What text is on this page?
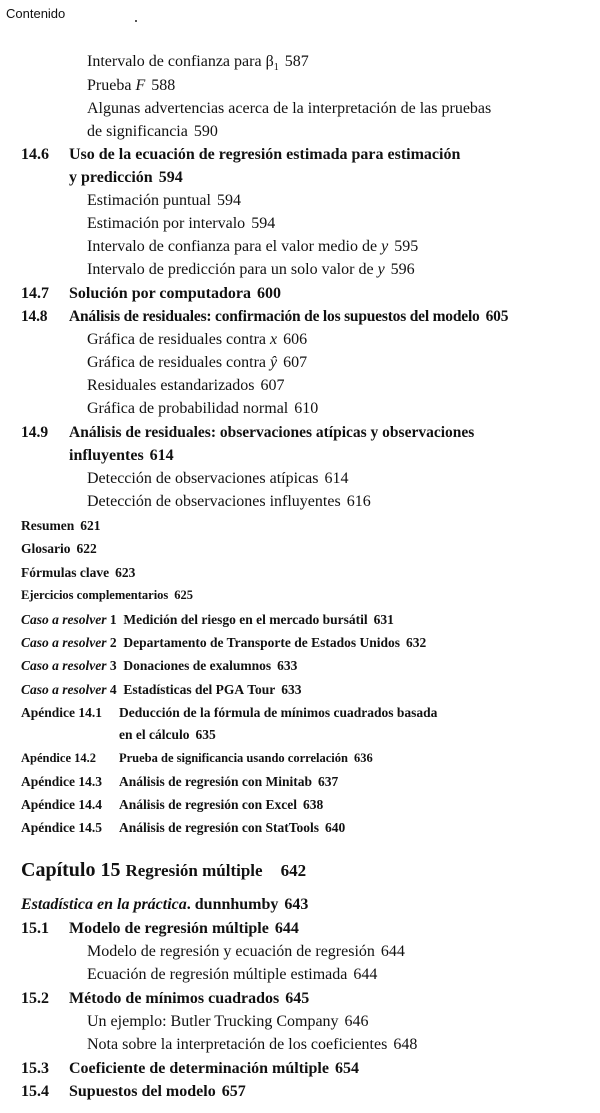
Contenido
Intervalo de confianza para $\beta_1$ 587
Prueba F 588
Algunas advertencias acerca de la interpretación de las pruebas
de significancia 590
14.6 Uso de la ecuación de regresión estimada para estimación
y predicción 594
Estimación puntual 594
Estimación por intervalo 594
Intervalo de confianza para el valor medio de y 595
Intervalo de predicción para un solo valor de y 596
14.7 Solución por computadora 600
14.8 Análisis de residuales: confirmación de los supuestos del modelo 605
Gráfica de residuales contra x 606
Gráfica de residuales contra ŷ 607
Residuales estandarizados 607
Gráfica de probabilidad normal 610
14.9 Análisis de residuales: observaciones atípicas y observaciones
influyentes 614
Detección de observaciones atípicas 614
Detección de observaciones influyentes 616
Resumen 621
Glosario 622
Fórmulas clave 623
Ejercicios complementarios 625
Caso a resolver 1 Medición del riesgo en el mercado bursátil 631
Caso a resolver 2 Departamento de Transporte de Estados Unidos 632
Caso a resolver 3 Donaciones de exalumnos 633
Caso a resolver 4 Estadísticas del PGA Tour 633
Apéndice 14.1 Deducción de la fórmula de mínimos cuadrados basada
en el cálculo 635
Apéndice 14.2 Prueba de significancia usando correlación 636
Apéndice 14.3 Análisis de regresión con Minitab 637
Apéndice 14.4 Análisis de regresión con Excel 638
Apéndice 14.5 Análisis de regresión con StatTools 640
Capítulo 15 Regresión múltiple 642
Estadística en la práctica. dunnhumby 643
15.1 Modelo de regresión múltiple 644
Modelo de regresión y ecuación de regresión 644
Ecuación de regresión múltiple estimada 644
15.2 Método de mínimos cuadrados 645
Un ejemplo: Butler Trucking Company 646
Nota sobre la interpretación de los coeficientes 648
15.3 Coeficiente de determinación múltiple 654
15.4 Supuestos del modelo 657
